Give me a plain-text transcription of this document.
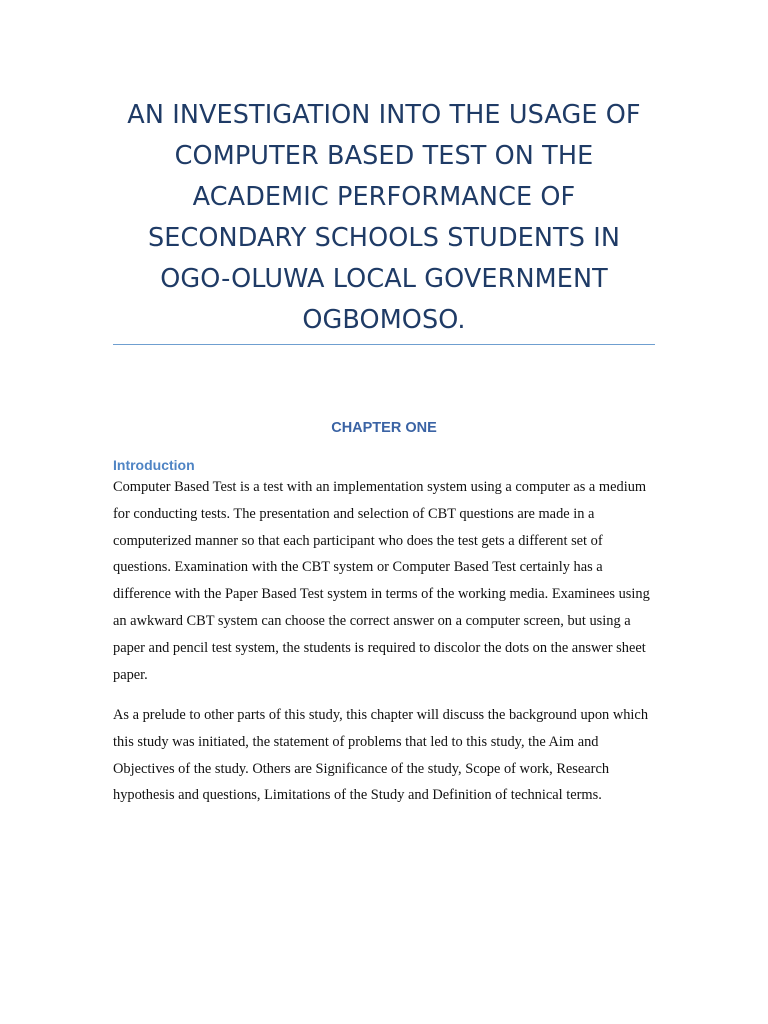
AN INVESTIGATION INTO THE USAGE OF COMPUTER BASED TEST ON THE ACADEMIC PERFORMANCE OF SECONDARY SCHOOLS STUDENTS IN OGO-OLUWA LOCAL GOVERNMENT OGBOMOSO.
CHAPTER ONE
Introduction

Computer Based Test is a test with an implementation system using a computer as a medium for conducting tests. The presentation and selection of CBT questions are made in a computerized manner so that each participant who does the test gets a different set of questions. Examination with the CBT system or Computer Based Test certainly has a difference with the Paper Based Test system in terms of the working media. Examinees using an awkward CBT system can choose the correct answer on a computer screen, but using a paper and pencil test system, the students is required to discolor the dots on the answer sheet paper.

As a prelude to other parts of this study, this chapter will discuss the background upon which this study was initiated, the statement of problems that led to this study, the Aim and Objectives of the study. Others are Significance of the study, Scope of work, Research hypothesis and questions, Limitations of the Study and Definition of technical terms.
